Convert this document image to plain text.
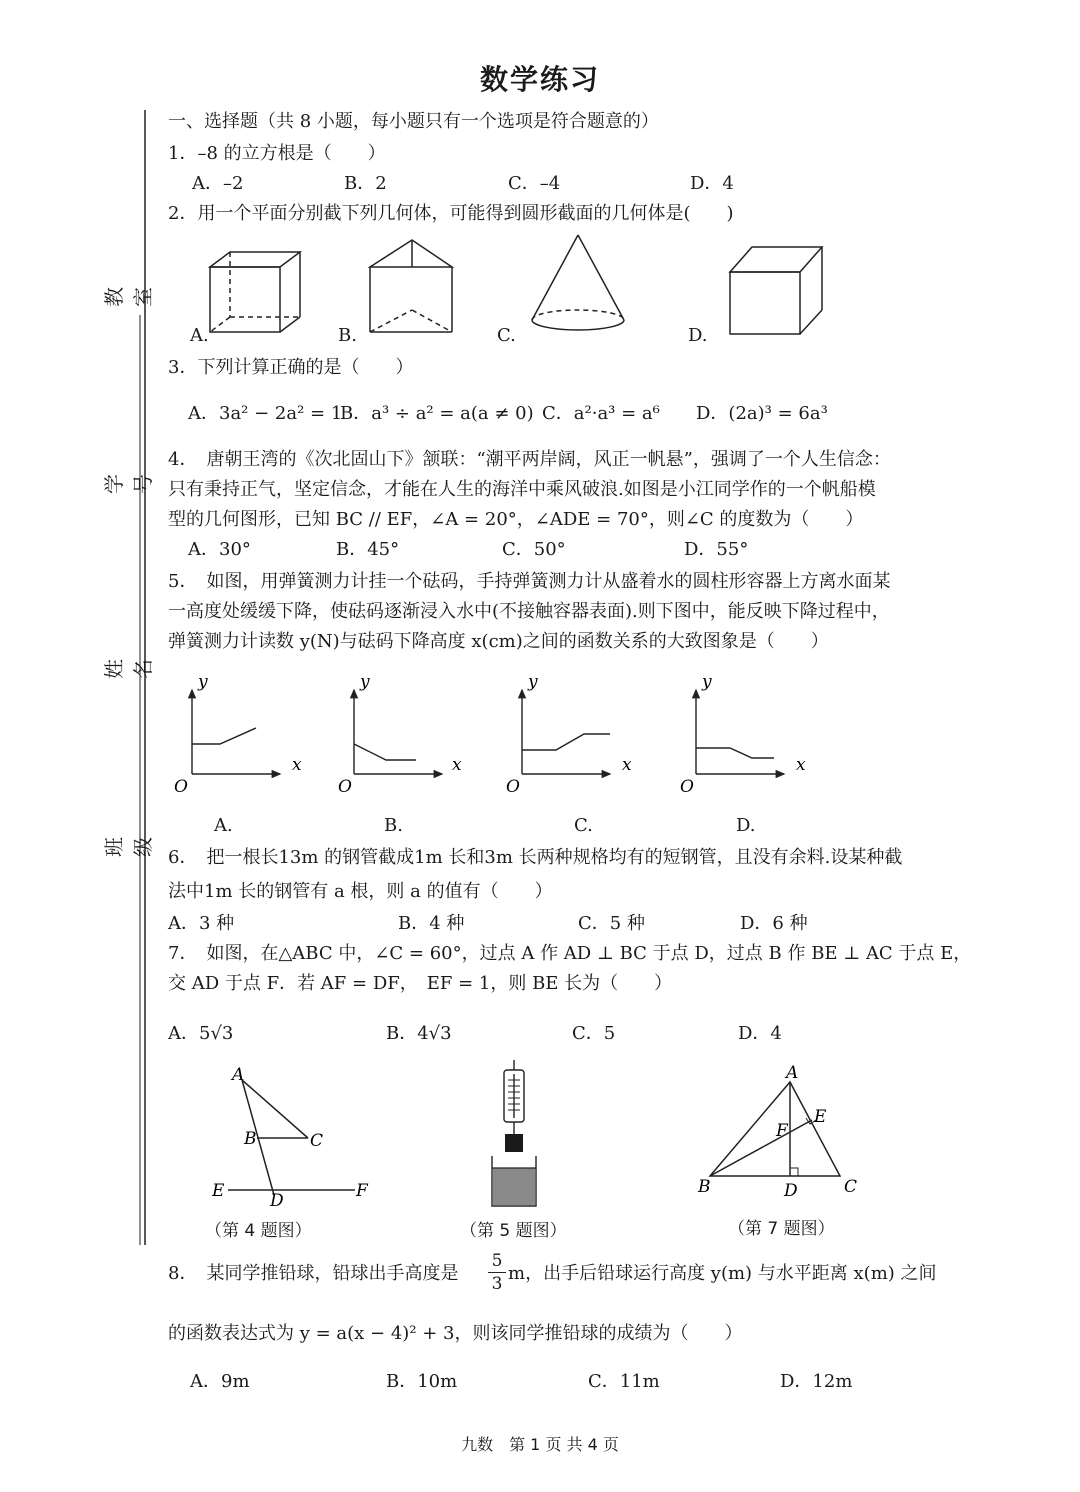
数学练习
教室
学号
姓名
班级
一、选择题（共 8 小题，每小题只有一个选项是符合题意的）
1．–8 的立方根是（　　）
A．–2	B．2	C．–4	D．4
2．用一个平面分别截下列几何体，可能得到圆形截面的几何体是(　　)
A.	B.	C.	D.
3．下列计算正确的是（　　）
A．3a² − 2a² = 1
B．a³ ÷ a² = a(a ≠ 0) C．a²·a³ = a⁶ D．(2a)³ = 6a³
4．　唐朝王湾的《次北固山下》颔联：“潮平两岸阔，风正一帆悬”，强调了一个人生信念：
只有秉持正气，坚定信念，才能在人生的海洋中乘风破浪.如图是小江同学作的一个帆船模
型的几何图形，已知 BC // EF，∠A = 20°，∠ADE = 70°，则∠C 的度数为（　　）
A．30°	B．45°	C．50°	D．55°
5．　如图，用弹簧测力计挂一个砝码，手持弹簧测力计从盛着水的圆柱形容器上方离水面某
一高度处缓缓下降，使砝码逐渐浸入水中(不接触容器表面).则下图中，能反映下降过程中，
弹簧测力计读数 y(N)与砝码下降高度 x(cm)之间的函数关系的大致图象是（　　）
y
x
O
y
x
O
y
x
O
y
x
O
A.	B.	C.	D.
6．　把一根长13m 的钢管截成1m 长和3m 长两种规格均有的短钢管，且没有余料.设某种截
法中1m 长的钢管有 a 根，则 a 的值有（　　）
A．3 种	B．4 种	C．5 种	D．6 种
7．　如图，在△ABC 中，∠C = 60°，过点 A 作 AD ⊥ BC 于点 D，过点 B 作 BE ⊥ AC 于点 E，
交 AD 于点 F．若 AF = DF，　EF = 1，则 BE 长为（　　）
A．5√3	B．4√3	C．5	D．4
A
B	C
E	D	F
（第 4 题图）	（第 5 题图）
A
E
F
B	D	C
（第 7 题图）
8．　某同学推铅球，铅球出手高度是 $\frac{5}{3}$ m，出手后铅球运行高度 y(m) 与水平距离 x(m) 之间
的函数表达式为 y = a(x − 4)² + 3，则该同学推铅球的成绩为（　　）
A．9m	B．10m	C．11m	D．12m
九数　第 1 页 共 4 页
